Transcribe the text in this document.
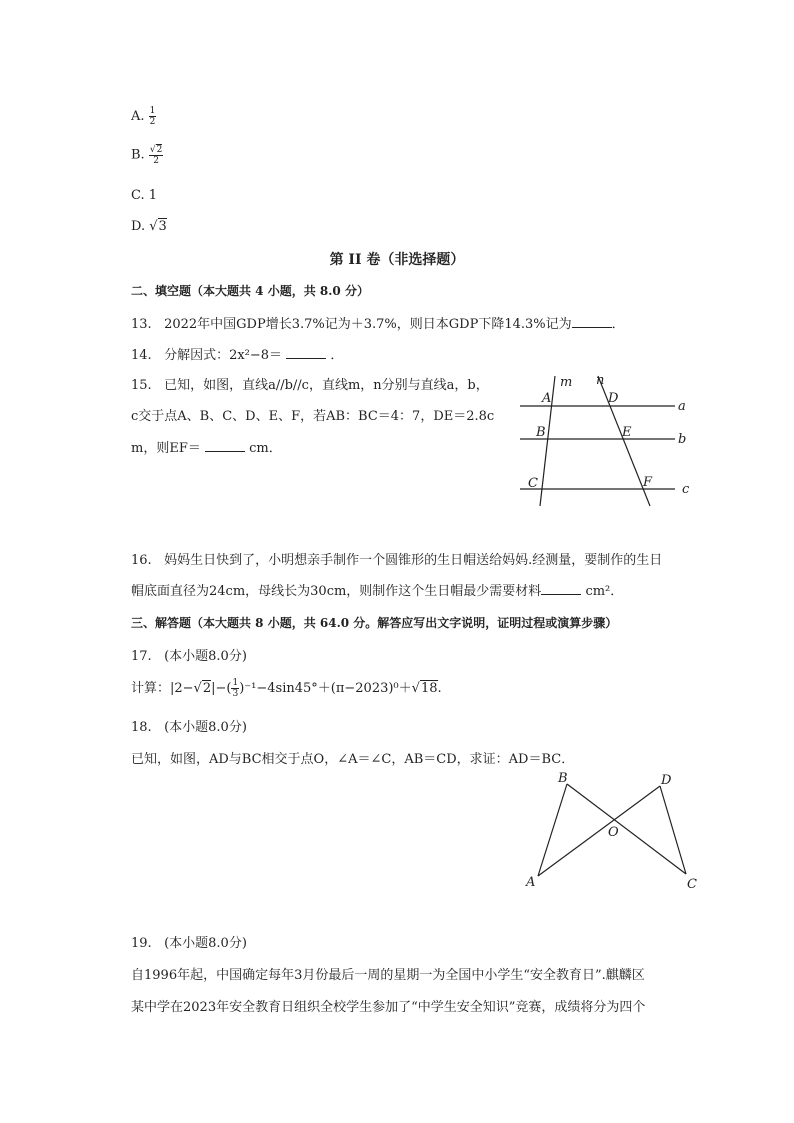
A. $\frac{1}{2}$
B. $\frac{√2}{2}$
C. 1
D. √3
第 II 卷（非选择题）
二、填空题（本大题共 4 小题，共 8.0 分）
13.   2022年中国GDP增长3.7%记为＋3.7%，则日本GDP下降14.3%记为	．
14.   分解因式：2x²−8＝	．
15.   已知，如图，直线a//b//c，直线m，n分别与直线a，b，
c交于点A、B、C、D、E、F，若AB：BC＝4：7，DE＝2.8c
m，则EF＝	cm．
m n
a
b
c
A
B
C
D
E
F
16.   妈妈生日快到了，小明想亲手制作一个圆锥形的生日帽送给妈妈.经测量，要制作的生日
帽底面直径为24cm，母线长为30cm，则制作这个生日帽最少需要材料	cm²．
三、解答题（本大题共 8 小题，共 64.0 分。解答应写出文字说明，证明过程或演算步骤）
17.   (本小题8.0分)
计算：$|2-√2|-( \frac{1}{3} )^{-1}-4\sin 45^\circ+(\pi-2023)^0+√18$.
18.   (本小题8.0分)
已知，如图，AD与BC相交于点O，∠A＝∠C，AB＝CD，求证：AD＝BC．
A
B
C
D
O
19.   (本小题8.0分)
自1996年起，中国确定每年3月份最后一周的星期一为全国中小学生“安全教育日”.麒麟区
某中学在2023年安全教育日组织全校学生参加了“中学生安全知识”竞赛，成绩将分为四个
